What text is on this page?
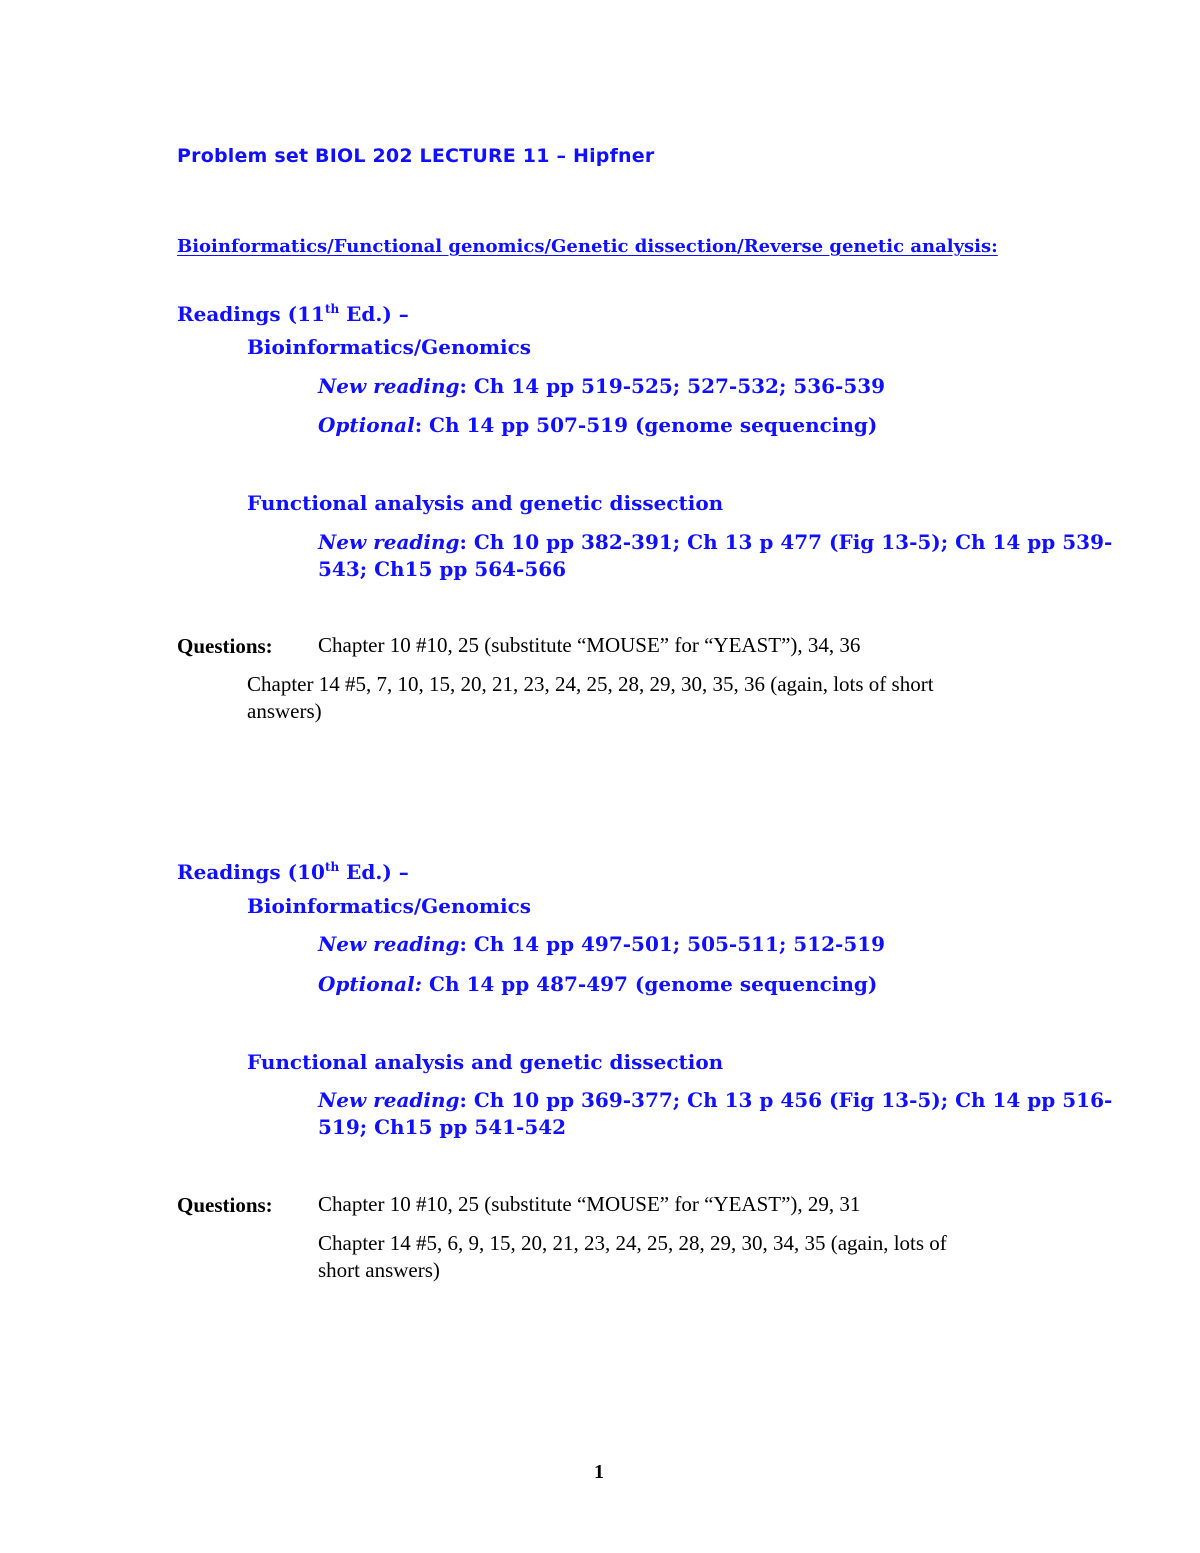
Problem set BIOL 202 LECTURE 11 – Hipfner
Bioinformatics/Functional genomics/Genetic dissection/Reverse genetic analysis:
Readings (11th Ed.) –
Bioinformatics/Genomics
New reading: Ch 14 pp 519-525; 527-532; 536-539
Optional: Ch 14 pp 507-519 (genome sequencing)
Functional analysis and genetic dissection
New reading: Ch 10 pp 382-391; Ch 13 p 477 (Fig 13-5); Ch 14 pp 539-
543; Ch15 pp 564-566
Questions: Chapter 10 #10, 25 (substitute “MOUSE” for “YEAST”), 34, 36
Chapter 14 #5, 7, 10, 15, 20, 21, 23, 24, 25, 28, 29, 30, 35, 36 (again, lots of short
answers)
Readings (10th Ed.) –
Bioinformatics/Genomics
New reading: Ch 14 pp 497-501; 505-511; 512-519
Optional: Ch 14 pp 487-497 (genome sequencing)
Functional analysis and genetic dissection
New reading: Ch 10 pp 369-377; Ch 13 p 456 (Fig 13-5); Ch 14 pp 516-
519; Ch15 pp 541-542
Questions: Chapter 10 #10, 25 (substitute “MOUSE” for “YEAST”), 29, 31
Chapter 14 #5, 6, 9, 15, 20, 21, 23, 24, 25, 28, 29, 30, 34, 35 (again, lots of
short answers)
1
